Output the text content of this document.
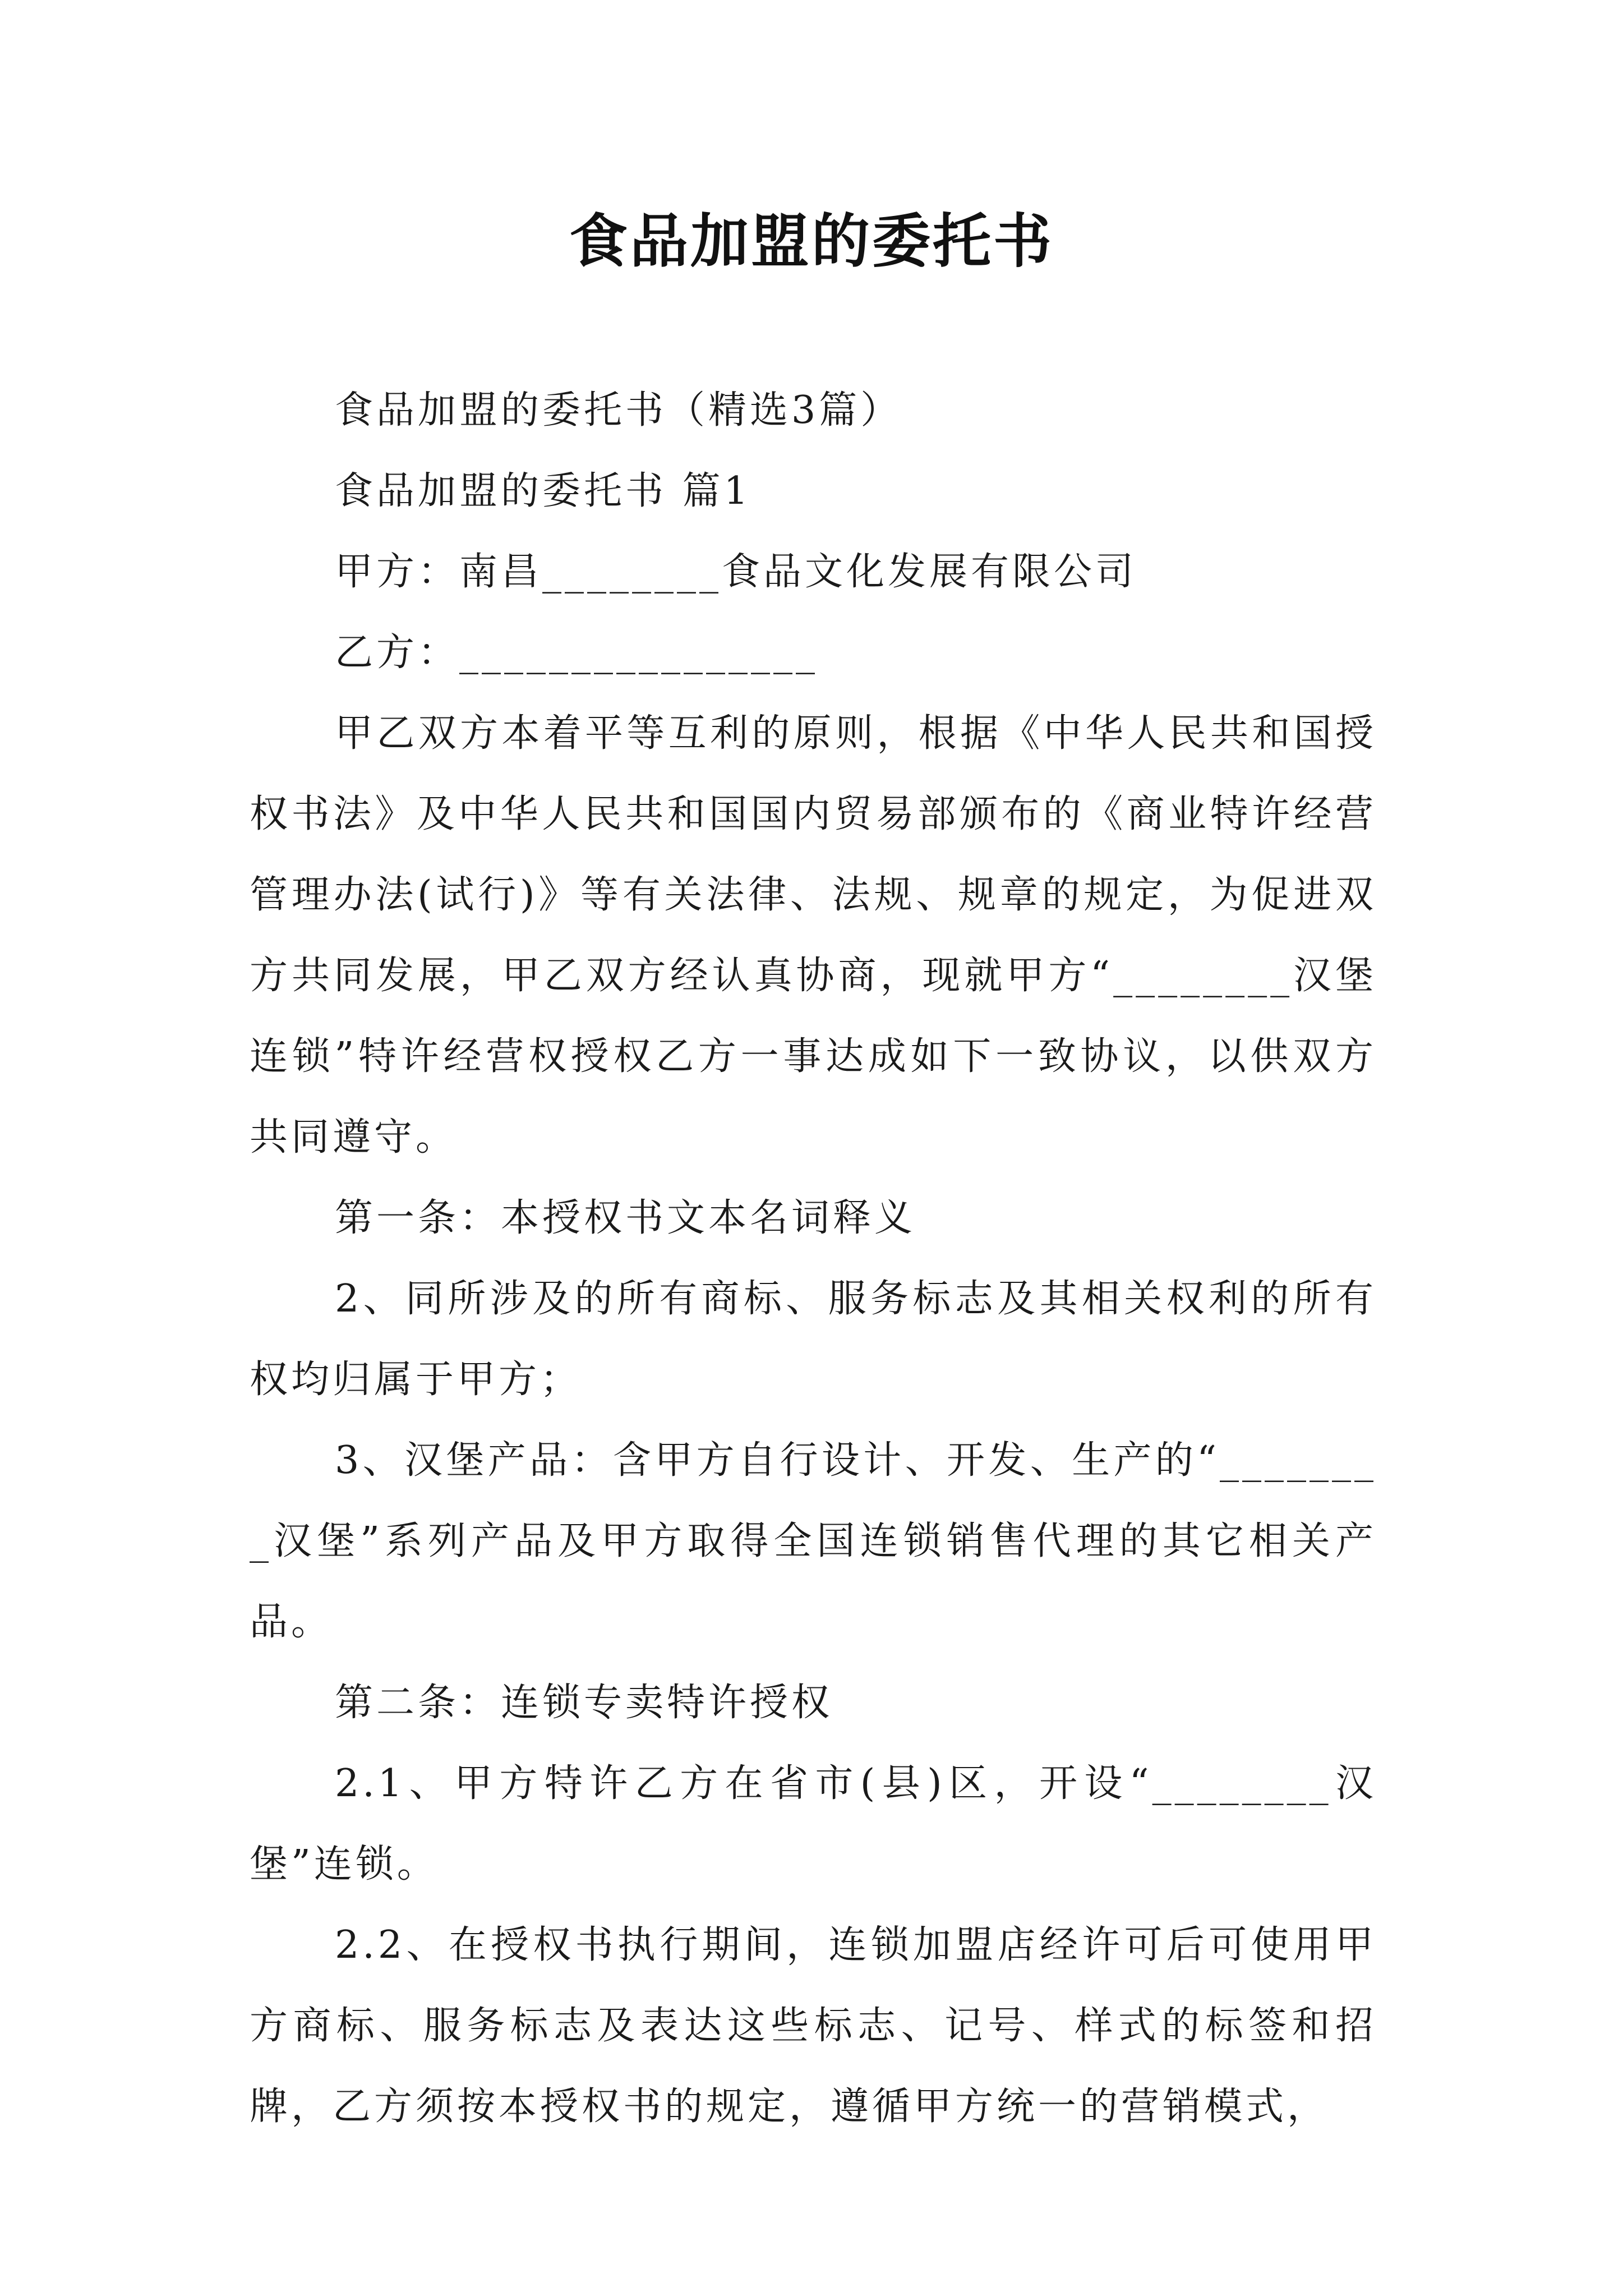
食品加盟的委托书

食品加盟的委托书（精选3篇）

食品加盟的委托书 篇1

甲方：南昌________食品文化发展有限公司

乙方：________________

甲乙双方本着平等互利的原则，根据《中华人民共和国授权书法》及中华人民共和国国内贸易部颁布的《商业特许经营管理办法(试行)》等有关法律、法规、规章的规定，为促进双方共同发展，甲乙双方经认真协商，现就甲方“________汉堡连锁”特许经营权授权乙方一事达成如下一致协议，以供双方共同遵守。

第一条：本授权书文本名词释义

2、同所涉及的所有商标、服务标志及其相关权利的所有权均归属于甲方；

3、汉堡产品：含甲方自行设计、开发、生产的“________汉堡”系列产品及甲方取得全国连锁销售代理的其它相关产品。

第二条：连锁专卖特许授权

2.1、甲方特许乙方在省市(县)区，开设“________汉堡”连锁。

2.2、在授权书执行期间，连锁加盟店经许可后可使用甲方商标、服务标志及表达这些标志、记号、样式的标签和招牌，乙方须按本授权书的规定，遵循甲方统一的营销模式，
